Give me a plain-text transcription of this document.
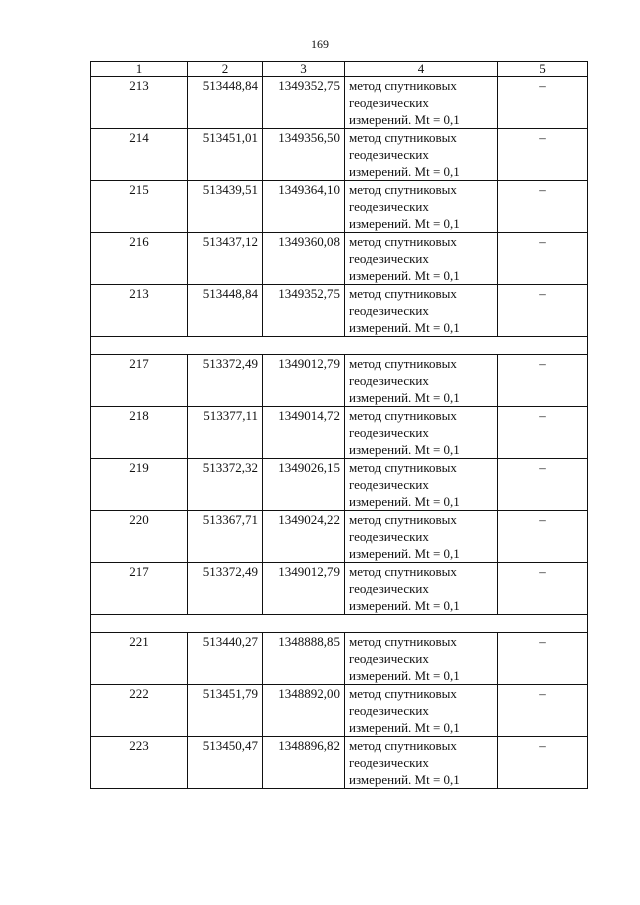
169
1	2	3	4	5
213	513448,84	1349352,75	метод спутниковых
геодезических
измерений. Mt = 0,1	–
214	513451,01	1349356,50	метод спутниковых
геодезических
измерений. Mt = 0,1	–
215	513439,51	1349364,10	метод спутниковых
геодезических
измерений. Mt = 0,1	–
216	513437,12	1349360,08	метод спутниковых
геодезических
измерений. Mt = 0,1	–
213	513448,84	1349352,75	метод спутниковых
геодезических
измерений. Mt = 0,1	–

217	513372,49	1349012,79	метод спутниковых
геодезических
измерений. Mt = 0,1	–
218	513377,11	1349014,72	метод спутниковых
геодезических
измерений. Mt = 0,1	–
219	513372,32	1349026,15	метод спутниковых
геодезических
измерений. Mt = 0,1	–
220	513367,71	1349024,22	метод спутниковых
геодезических
измерений. Mt = 0,1	–
217	513372,49	1349012,79	метод спутниковых
геодезических
измерений. Mt = 0,1	–

221	513440,27	1348888,85	метод спутниковых
геодезических
измерений. Mt = 0,1	–
222	513451,79	1348892,00	метод спутниковых
геодезических
измерений. Mt = 0,1	–
223	513450,47	1348896,82	метод спутниковых
геодезических
измерений. Mt = 0,1	–
